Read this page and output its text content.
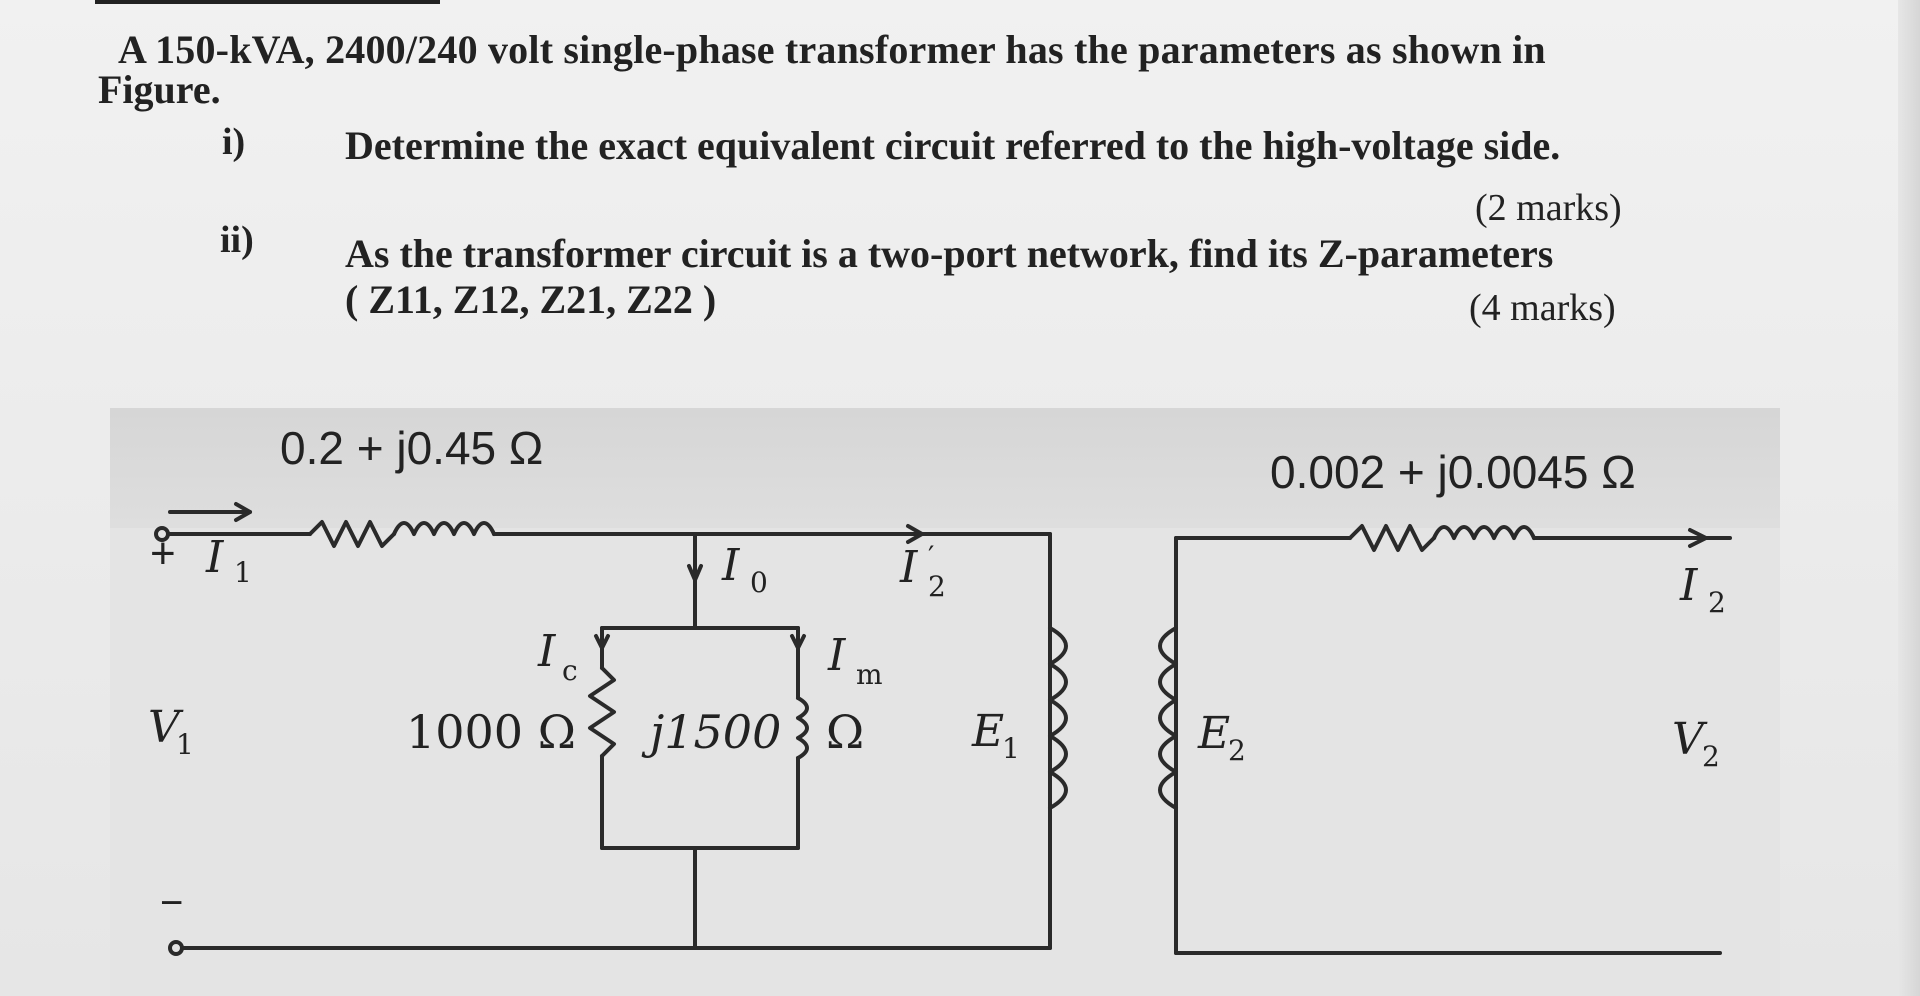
A 150-kVA, 2400/240 volt single-phase transformer has the parameters as shown in
Figure.
i) Determine the exact equivalent circuit referred to the high-voltage side.
(2 marks)
ii) As the transformer circuit is a two-port network, find its Z-parameters
( Z11, Z12, Z21, Z22 )	(4 marks)
0.2 + j0.45 Ω	0.002 + j0.0045 Ω
+ I 1	I 0	I ′
2	I 2
I c	I m
V
1	1000 Ω j1500 Ω E
1	E
2	V
2
−
